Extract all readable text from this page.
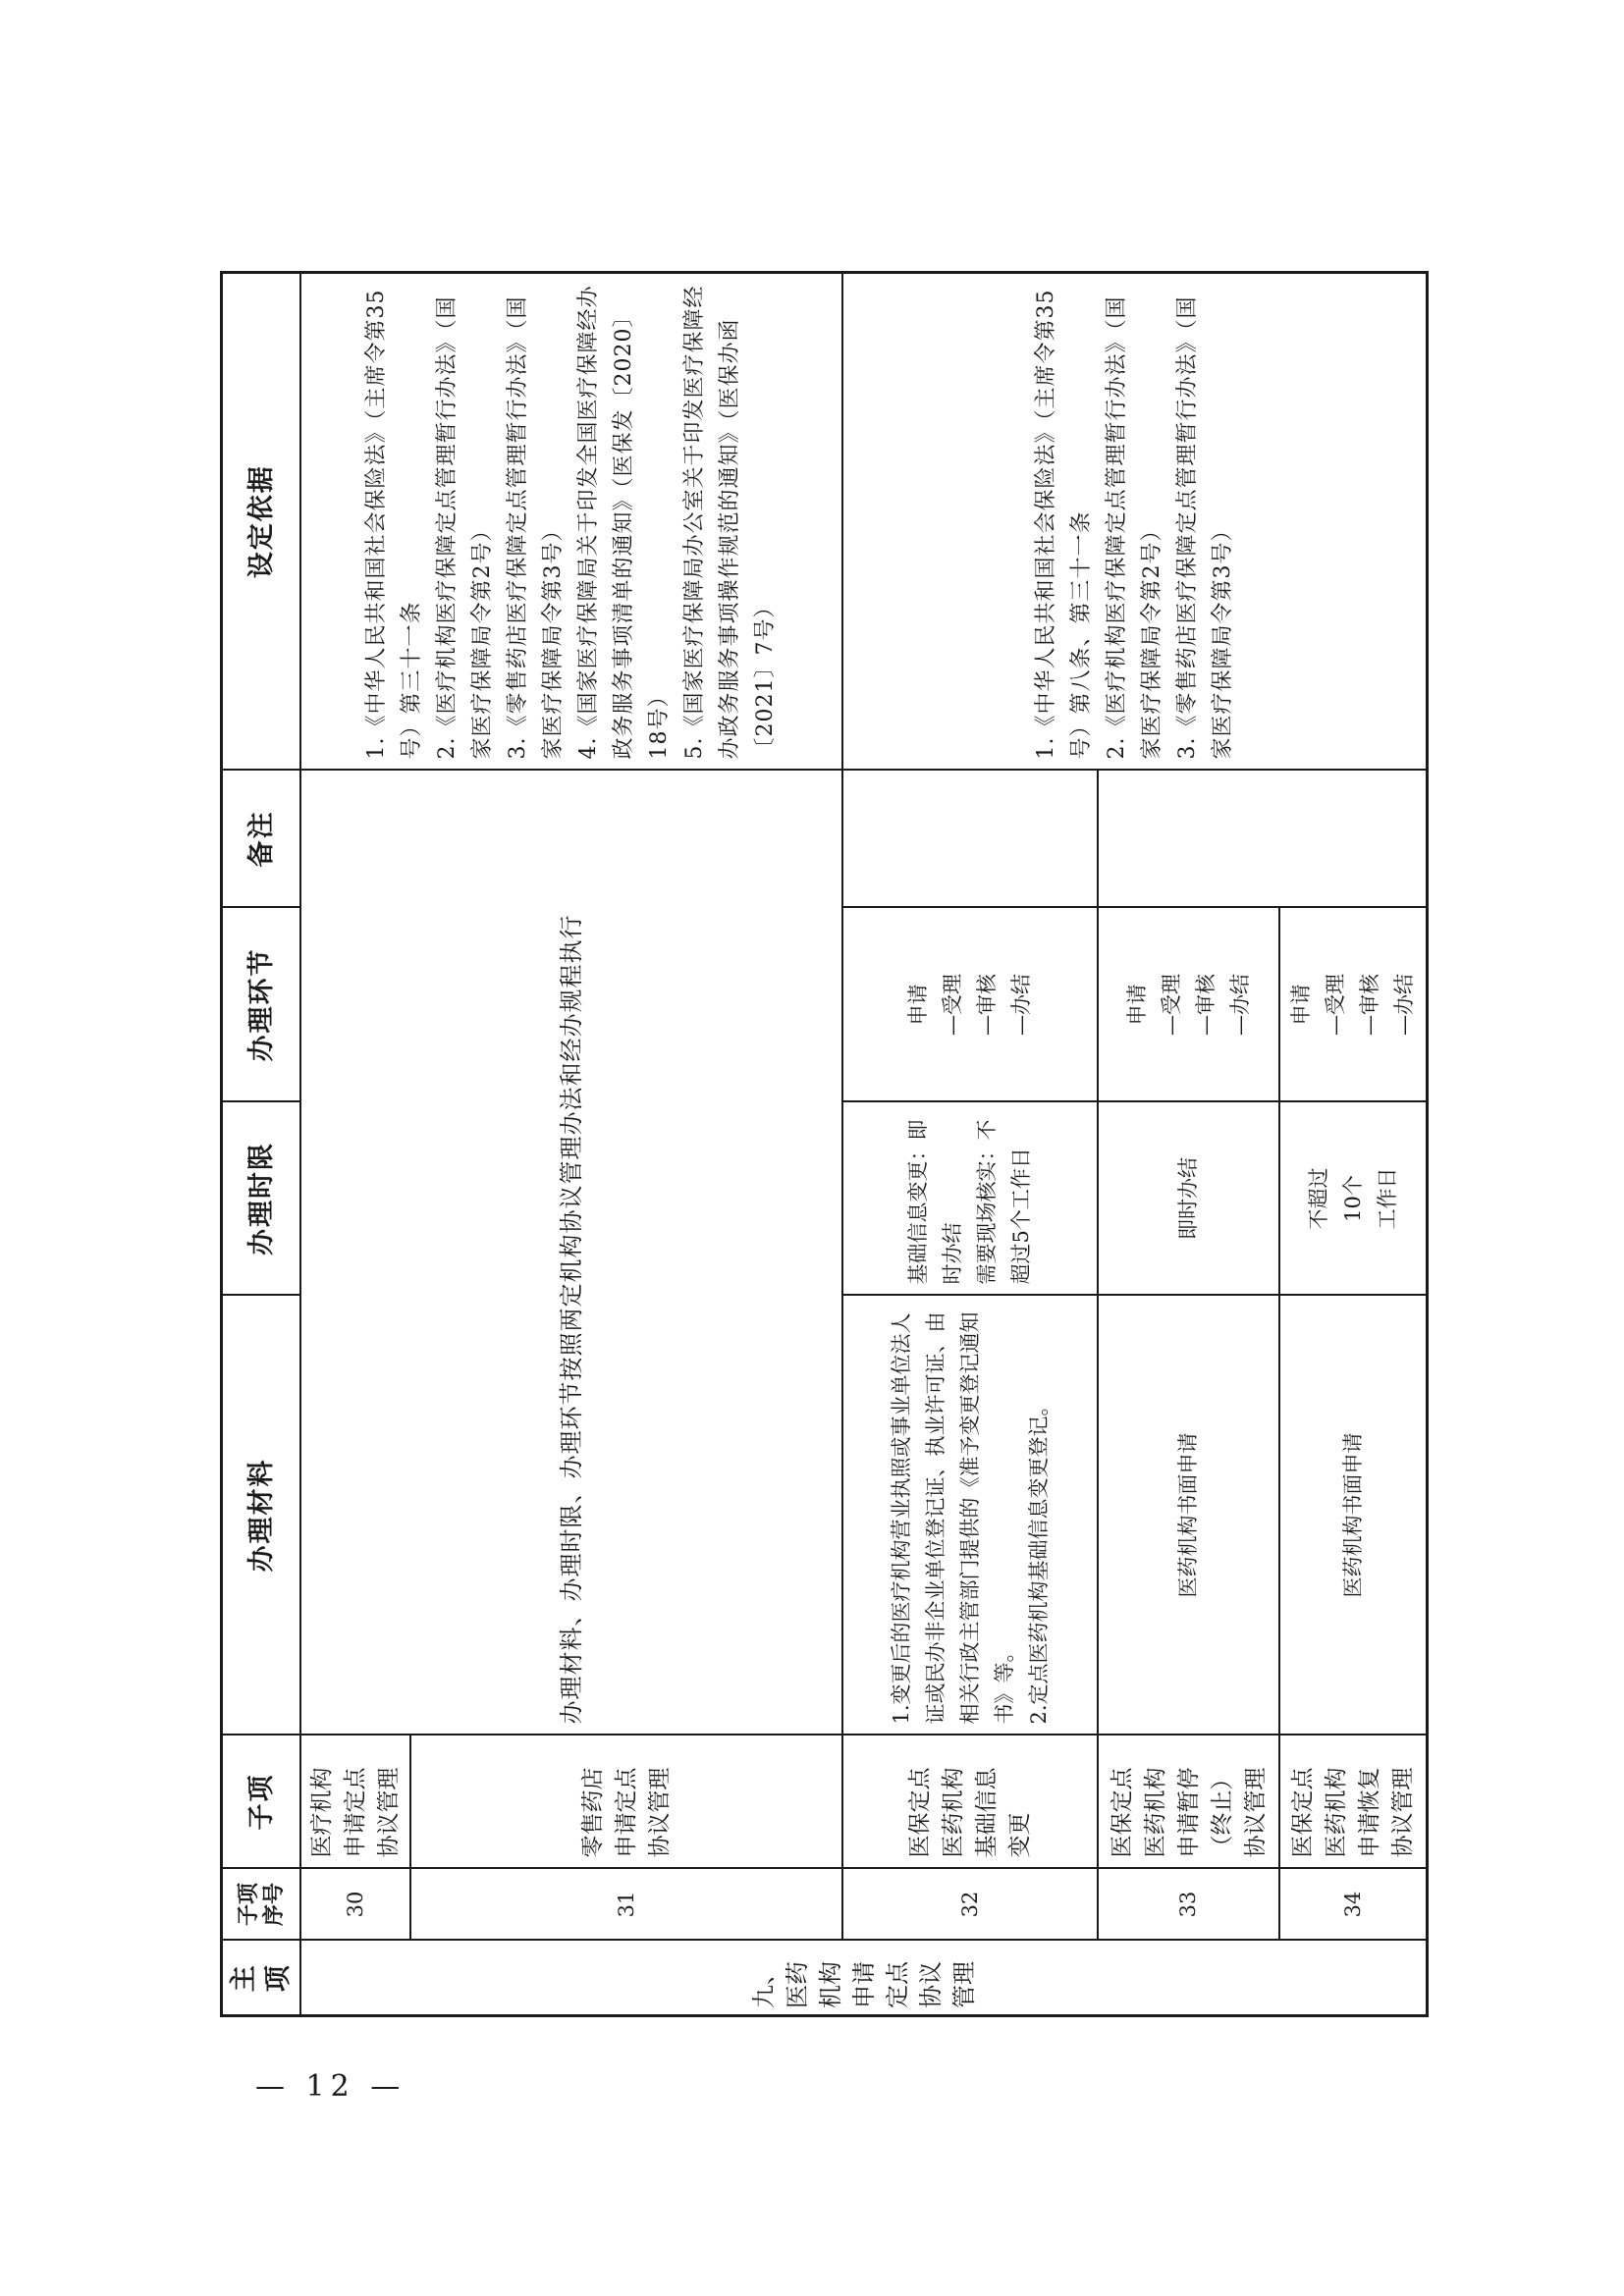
主项	子项序号	子项	办理材料	办理时限	办理环节	备注	设定依据
九、医药机构申请定点协议管理	30	医疗机构申请定点协议管理	办理材料、办理时限、办理环节按照两定机构协议管理办法和经办规程执行				1.《中华人民共和国社会保险法》（主席令第35号）第三十一条
2.《医疗机构医疗保障定点管理暂行办法》（国家医疗保障局令第2号）
3.《零售药店医疗保障定点管理暂行办法》（国家医疗保障局令第3号）
4.《国家医疗保障局关于印发全国医疗保障经办政务服务事项清单的通知》（医保发〔2020〕18号）
5.《国家医疗保障局办公室关于印发医疗保障经办政务服务事项操作规范的通知》（医保办函〔2021〕7号）
	31	零售药店申请定点协议管理					
	32	医保定点医药机构基础信息变更	1.变更后的医疗机构营业执照或事业单位法人证或民办非企业单位登记证、执业许可证、由相关行政主管部门提供的《准予变更登记通知书》等。
2.定点医药机构基础信息变更登记。	基础信息变更：即时办结
需要现场核实：不超过5个工作日	申请
—受理
—审核
—办结		1.《中华人民共和国社会保险法》（主席令第35号）第八条、第三十一条
2.《医疗机构医疗保障定点管理暂行办法》（国家医疗保障局令第2号）
3.《零售药店医疗保障定点管理暂行办法》（国家医疗保障局令第3号）
	33	医保定点医药机构申请暂停（终止）协议管理	医药机构书面申请	即时办结	申请
—受理
—审核
—办结		
	34	医保定点医药机构申请恢复协议管理	医药机构书面申请	不超过
10个
工作日	申请
—受理
—审核
—办结		
— 12 —
